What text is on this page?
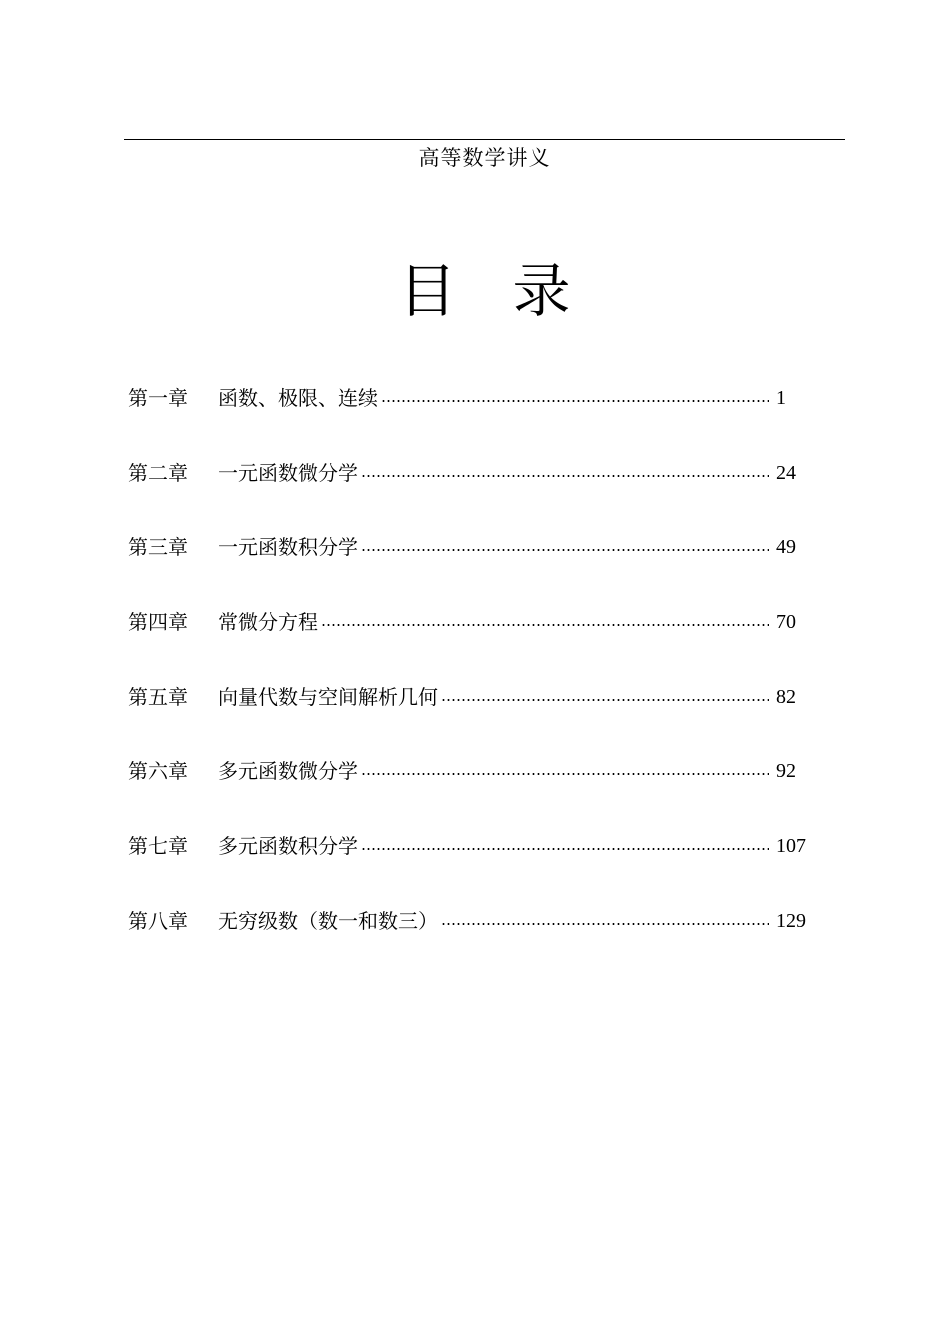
高等数学讲义
目录
第一章	函数、极限、连续	1
第二章	一元函数微分学	24
第三章	一元函数积分学	49
第四章	常微分方程	70
第五章	向量代数与空间解析几何	82
第六章	多元函数微分学	92
第七章	多元函数积分学	107
第八章	无穷级数（数一和数三）	129
